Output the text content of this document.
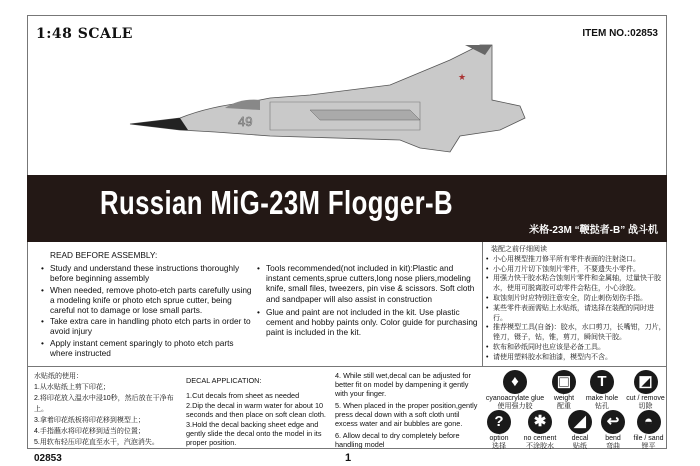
1:48 SCALE	ITEM NO.:02853
49
★
Russian MiG-23M Flogger-B
米格-23M “鞭挞者-B” 战斗机
READ BEFORE ASSEMBLY:
• Study and understand these instructions thoroughly before beginning assembly
• When needed, remove photo-etch parts carefully using a modeling knife or photo etch sprue cutter, being careful not to damage or lose small parts.
• Take extra care in handling photo etch parts in order to avoid injury
• Apply instant cement sparingly to photo etch parts where instructed
• Tools recommended(not included in kit):Plastic and instant cements,sprue cutters,long nose pliers,modeling knife, small files, tweezers, pin vise & scissors. Soft cloth and sandpaper will also assist in construction
• Glue and paint are not included in the kit. Use plastic cement and hobby paints only. Color guide for purchasing paint is included in the kit.
装配之前仔细阅读
• 小心用模型推刀修平所有零件表面的注射浇口。
• 小心用刀片切下蚀刻片零件，不要遗失小零件。
• 用强力快干胶水粘合蚀刻片零件和金属轴，过量快干胶水，使用可脱离胶可动零件会粘住，小心涂胶。
• 取蚀刻片时应特别注意安全，防止刺伤划伤手指。
• 某些零件表面需贴上水贴纸，请选择在装配的同时进行。
• 推荐模型工具(自备)：胶水，水口剪刀，长嘴钳，刀片，锉刀，镊子，钻，锥，剪刀，瞬间快干胶。
• 软布和砂纸同时也应该是必备工具。
• 请使用塑料胶水和油漆，模型内不含。
水贴纸的使用：
1.从水贴纸上剪下印花；
2.将印花放入温水中浸10秒，然后放在干净布上。
3.拿着印花纸板将印花移到模型上；
4.手指蘸水将印花移到适当的位置；
5.用软布轻压印花直至水干，汽泡消失。
DECAL APPLICATION:
1.Cut decals from sheet as needed
2.Dip the decal in warm water for about 10 seconds and then place on soft clean cloth.
3.Hold the decal backing sheet edge and gently slide the decal onto the model in its proper position.
4. While still wet,decal can be adjusted for better fit on model by dampening it gently with your finger.
5. When placed in the proper position,gently press decal down with a soft cloth until excess water and air bubbles are gone.
6. Allow decal to dry completely before handling model
♦
cyanoacrylate glue
使用强力胶
▣
weight
配重
T
make hole
钻孔
◩
cut / remove
切除
?
option
选择
✱
no cement
不涂胶水
◢
decal
贴纸
↩
bend
弯曲
◓
file / sand
锉平
02853	1
